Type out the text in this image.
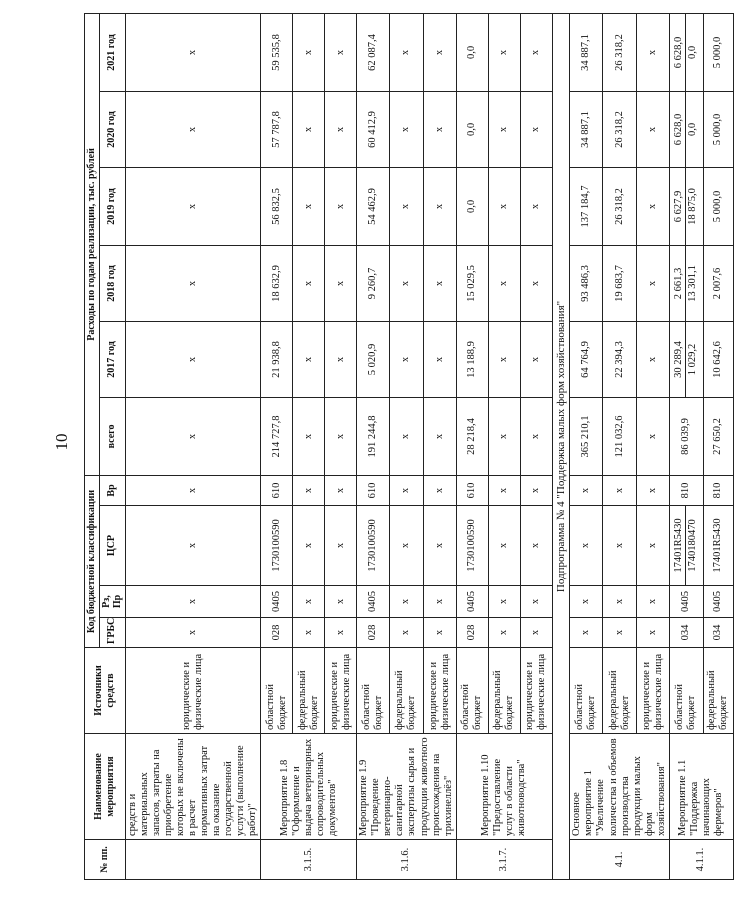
10
№ пп.	Наименование мероприятия	Источники средств	Код бюджетной классификации				Расходы по годам реализации, тыс. рублей					
			ГРБС	Рз, Пр	ЦСР	Вр	всего	2017 год	2018 год	2019 год	2020 год	2021 год

	средств и материальных запасов, затраты на приобретение которых не включены в расчет нормативных затрат на оказание государственной услуги (выполнение работ)"	юридические и физические лица	х	х	х	х	х	х	х	х	х	х
3.1.5.	Мероприятие 1.8 "Оформление и выдача ветеринарных сопроводительных документов"	областной бюджет	028	0405	1730100590	610	214 727,8	21 938,8	18 632,9	56 832,5	57 787,8	59 535,8
		федеральный бюджет	х	х	х	х	х	х	х	х	х	х
		юридические и физические лица	х	х	х	х	х	х	х	х	х	х
3.1.6.	Мероприятие 1.9 "Проведение ветеринарно-санитарной экспертизы сырья и продукции животного происхождения на трихинеллёз"	областной бюджет	028	0405	1730100590	610	191 244,8	5 020,9	9 260,7	54 462,9	60 412,9	62 087,4
		федеральный бюджет	х	х	х	х	х	х	х	х	х	х
		юридические и физические лица	х	х	х	х	х	х	х	х	х	х
3.1.7.	Мероприятие 1.10 "Предоставление услуг в области животноводства"	областной бюджет	028	0405	1730100590	610	28 218,4	13 188,9	15 029,5	0,0	0,0	0,0
		федеральный бюджет	х	х	х	х	х	х	х	х	х	х
		юридические и физические лица	х	х	х	х	х	х	х	х	х	х
Подпрограмма № 4 "Поддержка малых форм хозяйствования"												
4.1.	Основное мероприятие 1 "Увеличение количества и объемов производства продукции малых форм хозяйствования"	областной бюджет	х	х	х	х	365 210,1	64 764,9	93 486,3	137 184,7	34 887,1	34 887,1
		федеральный бюджет	х	х	х	х	121 032,6	22 394,3	19 683,7	26 318,2	26 318,2	26 318,2
		юридические и физические лица	х	х	х	х	х	х	х	х	х	х
4.1.1.	Мероприятие 1.1 "Поддержка начинающих фермеров"	областной бюджет	034	0405	17401R5430 1740180470	810	86 039,9	30 289,4 1 029,2	2 661,3 13 301,1	6 627,9 18 875,0	6 628,0 0,0	6 628,0 0,0

		федеральный бюджет	034	0405	17401R5430	810	27 650,2	10 642,6	2 007,6	5 000,0	5 000,0	5 000,0
